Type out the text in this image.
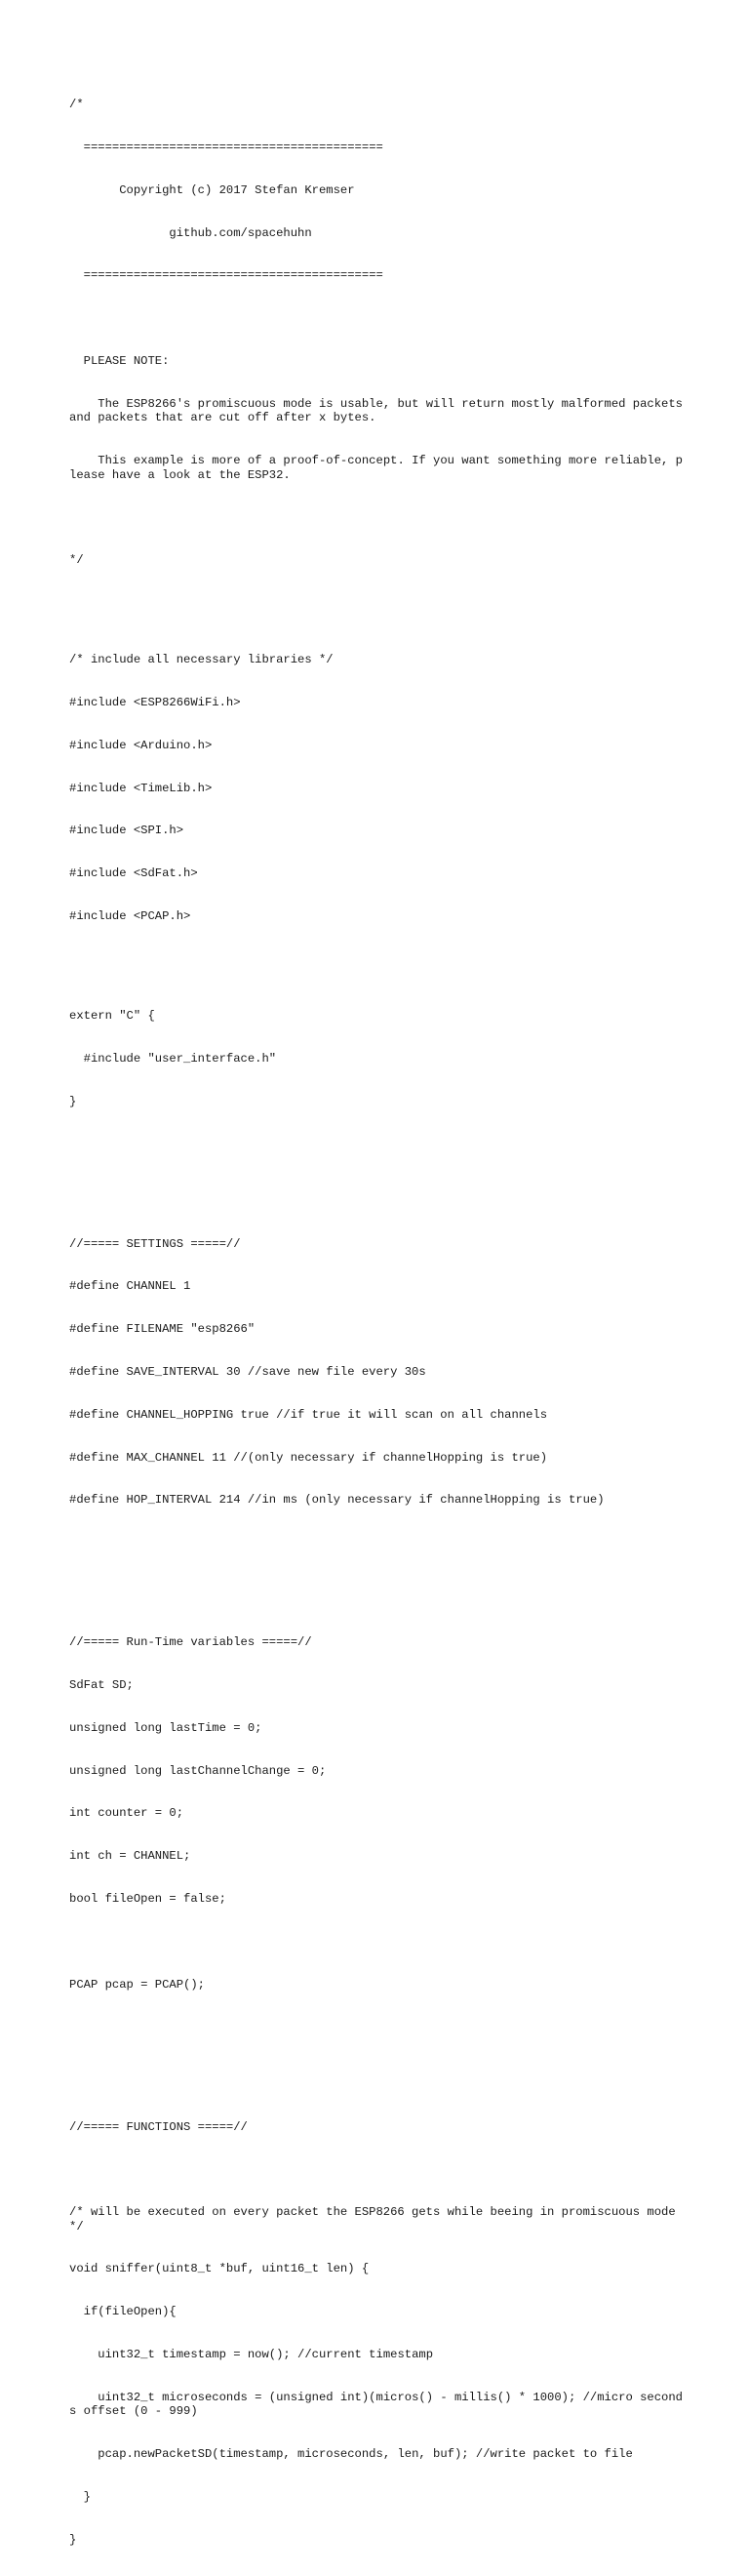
/*

==========================================

Copyright (c) 2017 Stefan Kremser

github.com/spacehuhn

==========================================

PLEASE NOTE:

The ESP8266's promiscuous mode is usable, but will return mostly malformed packets and packets that are cut off after x bytes.

This example is more of a proof-of-concept. If you want something more reliable, please have a look at the ESP32.

*/

/* include all necessary libraries */

#include <ESP8266WiFi.h>

#include <Arduino.h>

#include <TimeLib.h>

#include <SPI.h>

#include <SdFat.h>

#include <PCAP.h>

extern "C" {

#include "user_interface.h"

}

//===== SETTINGS =====//

#define CHANNEL 1

#define FILENAME "esp8266"

#define SAVE_INTERVAL 30 //save new file every 30s

#define CHANNEL_HOPPING true //if true it will scan on all channels

#define MAX_CHANNEL 11 //(only necessary if channelHopping is true)

#define HOP_INTERVAL 214 //in ms (only necessary if channelHopping is true)

//===== Run-Time variables =====//

SdFat SD;

unsigned long lastTime = 0;

unsigned long lastChannelChange = 0;

int counter = 0;

int ch = CHANNEL;

bool fileOpen = false;

PCAP pcap = PCAP();

//===== FUNCTIONS =====//

/* will be executed on every packet the ESP8266 gets while beeing in promiscuous mode */

void sniffer(uint8_t *buf, uint16_t len) {

if(fileOpen){

uint32_t timestamp = now(); //current timestamp

uint32_t microseconds = (unsigned int)(micros() - millis() * 1000); //micro seconds offset (0 - 999)

pcap.newPacketSD(timestamp, microseconds, len, buf); //write packet to file

}

}
